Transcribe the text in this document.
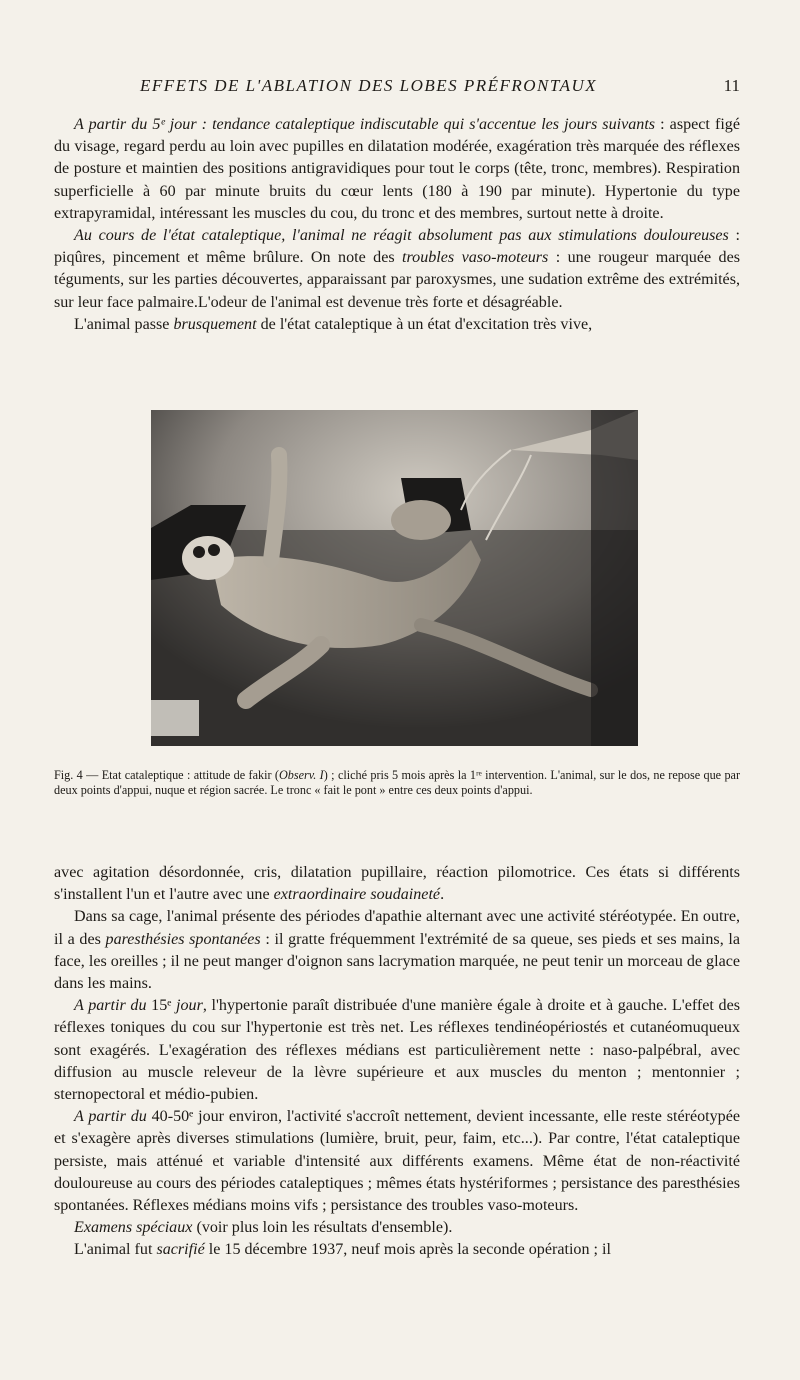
EFFETS DE L'ABLATION DES LOBES PRÉFRONTAUX	11

A partir du 5ᵉ jour : tendance cataleptique indiscutable qui s'accentue les jours suivants : aspect figé du visage, regard perdu au loin avec pupilles en dilatation modérée, exagération très marquée des réflexes de posture et maintien des positions antigravidiques pour tout le corps (tête, tronc, membres). Respiration superficielle à 60 par minute bruits du cœur lents (180 à 190 par minute). Hypertonie du type extrapyramidal, intéressant les muscles du cou, du tronc et des membres, surtout nette à droite.

Au cours de l'état cataleptique, l'animal ne réagit absolument pas aux stimulations douloureuses : piqûres, pincement et même brûlure. On note des troubles vaso-moteurs : une rougeur marquée des téguments, sur les parties découvertes, apparaissant par paroxysmes, une sudation extrême des extrémités, sur leur face palmaire.L'odeur de l'animal est devenue très forte et désagréable.

L'animal passe brusquement de l'état cataleptique à un état d'excitation très vive,

Fig. 4 — Etat cataleptique : attitude de fakir (Observ. I) ; cliché pris 5 mois après la 1ʳᵉ intervention. L'animal, sur le dos, ne repose que par deux points d'appui, nuque et région sacrée. Le tronc « fait le pont » entre ces deux points d'appui.

avec agitation désordonnée, cris, dilatation pupillaire, réaction pilomotrice. Ces états si différents s'installent l'un et l'autre avec une extraordinaire soudaineté.

Dans sa cage, l'animal présente des périodes d'apathie alternant avec une activité stéréotypée. En outre, il a des paresthésies spontanées : il gratte fréquemment l'extrémité de sa queue, ses pieds et ses mains, la face, les oreilles ; il ne peut manger d'oignon sans lacrymation marquée, ne peut tenir un morceau de glace dans les mains.

A partir du 15ᵉ jour, l'hypertonie paraît distribuée d'une manière égale à droite et à gauche. L'effet des réflexes toniques du cou sur l'hypertonie est très net. Les réflexes tendinéopériostés et cutanéomuqueux sont exagérés. L'exagération des réflexes médians est particulièrement nette : naso-palpébral, avec diffusion au muscle releveur de la lèvre supérieure et aux muscles du menton ; mentonnier ; sternopectoral et médio-pubien.

A partir du 40-50ᵉ jour environ, l'activité s'accroît nettement, devient incessante, elle reste stéréotypée et s'exagère après diverses stimulations (lumière, bruit, peur, faim, etc...). Par contre, l'état cataleptique persiste, mais atténué et variable d'intensité aux différents examens. Même état de non-réactivité douloureuse au cours des périodes cataleptiques ; mêmes états hystériformes ; persistance des paresthésies spontanées. Réflexes médians moins vifs ; persistance des troubles vaso-moteurs.

Examens spéciaux (voir plus loin les résultats d'ensemble).

L'animal fut sacrifié le 15 décembre 1937, neuf mois après la seconde opération ; il
